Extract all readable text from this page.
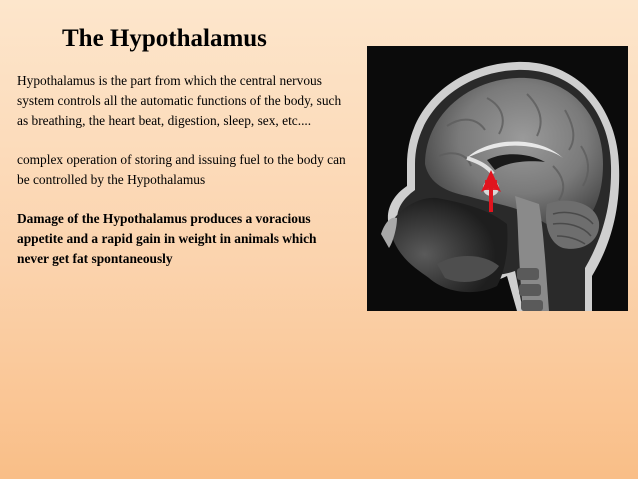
The Hypothalamus

Hypothalamus is the part from which the central nervous system controls all the automatic functions of the body, such as breathing, the heart beat, digestion, sleep, sex, etc....

complex operation of storing and issuing fuel to the body can be controlled by the Hypothalamus

Damage of the Hypothalamus produces a voracious appetite and a rapid gain in weight in animals which never get fat spontaneously
